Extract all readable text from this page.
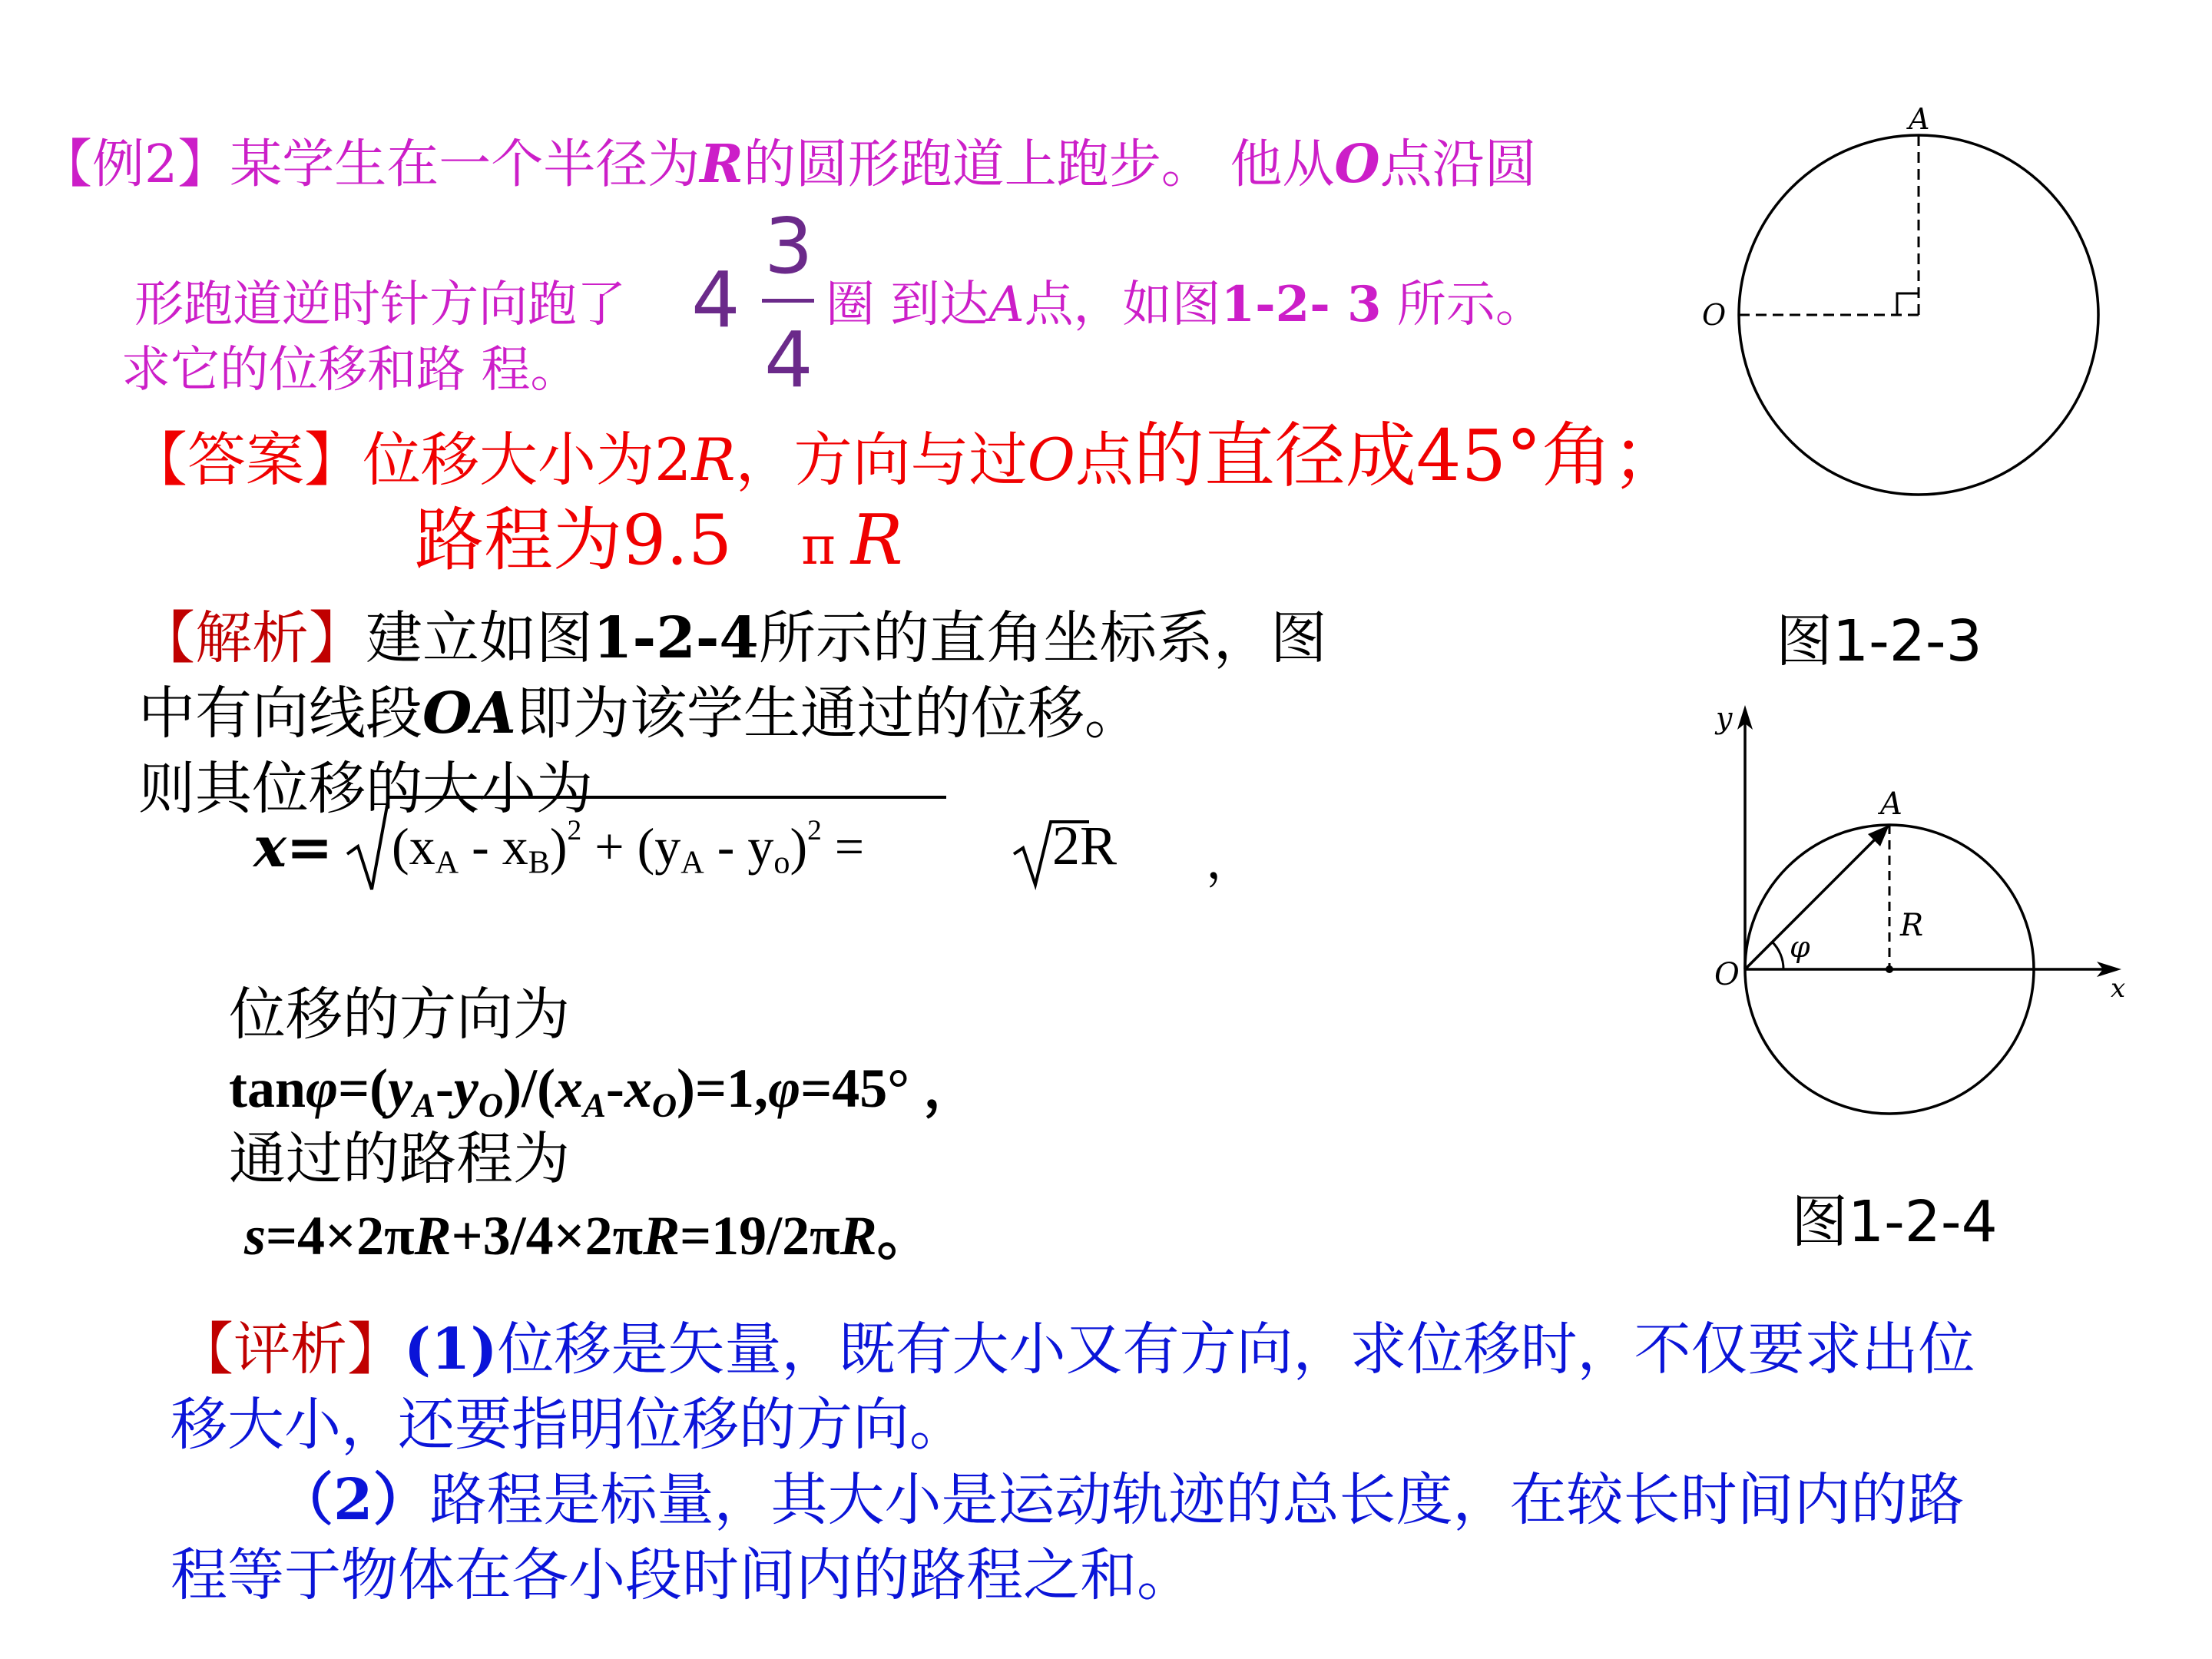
【例2】某学生在一个半径为R的圆形跑道上跑步。 他从O点沿圆
形跑道逆时针方向跑了 4
3
4
圈 到达A点，如图1-2- 3 所示。
求它的位移和路 程。
【答案】位移大小为2R，方向与过O点的直径成45°角；
路程为9.5　π R
【解析】建立如图1-2-4所示的直角坐标系，图
中有向线段OA即为该学生通过的位移。
则其位移的大小为
$x= (x_A - x_B)^2 + (y_A - y_o)^2$ =	2R ，
位移的方向为
$\tan\varphi=(y_A-y_O)/(x_A-x_O)=1,\varphi=45^\circ$ ，
通过的路程为
s=4×2πR+3/4×2πR=19/2πR。
【评析】(1)位移是矢量，既有大小又有方向，求位移时，不仅要求出位
移大小，还要指明位移的方向。
（2）路程是标量，其大小是运动轨迹的总长度，在较长时间内的路
程等于物体在各小段时间内的路程之和。
A
O
图1-2-3
y
x
A
O
R
φ
图1-2-4
